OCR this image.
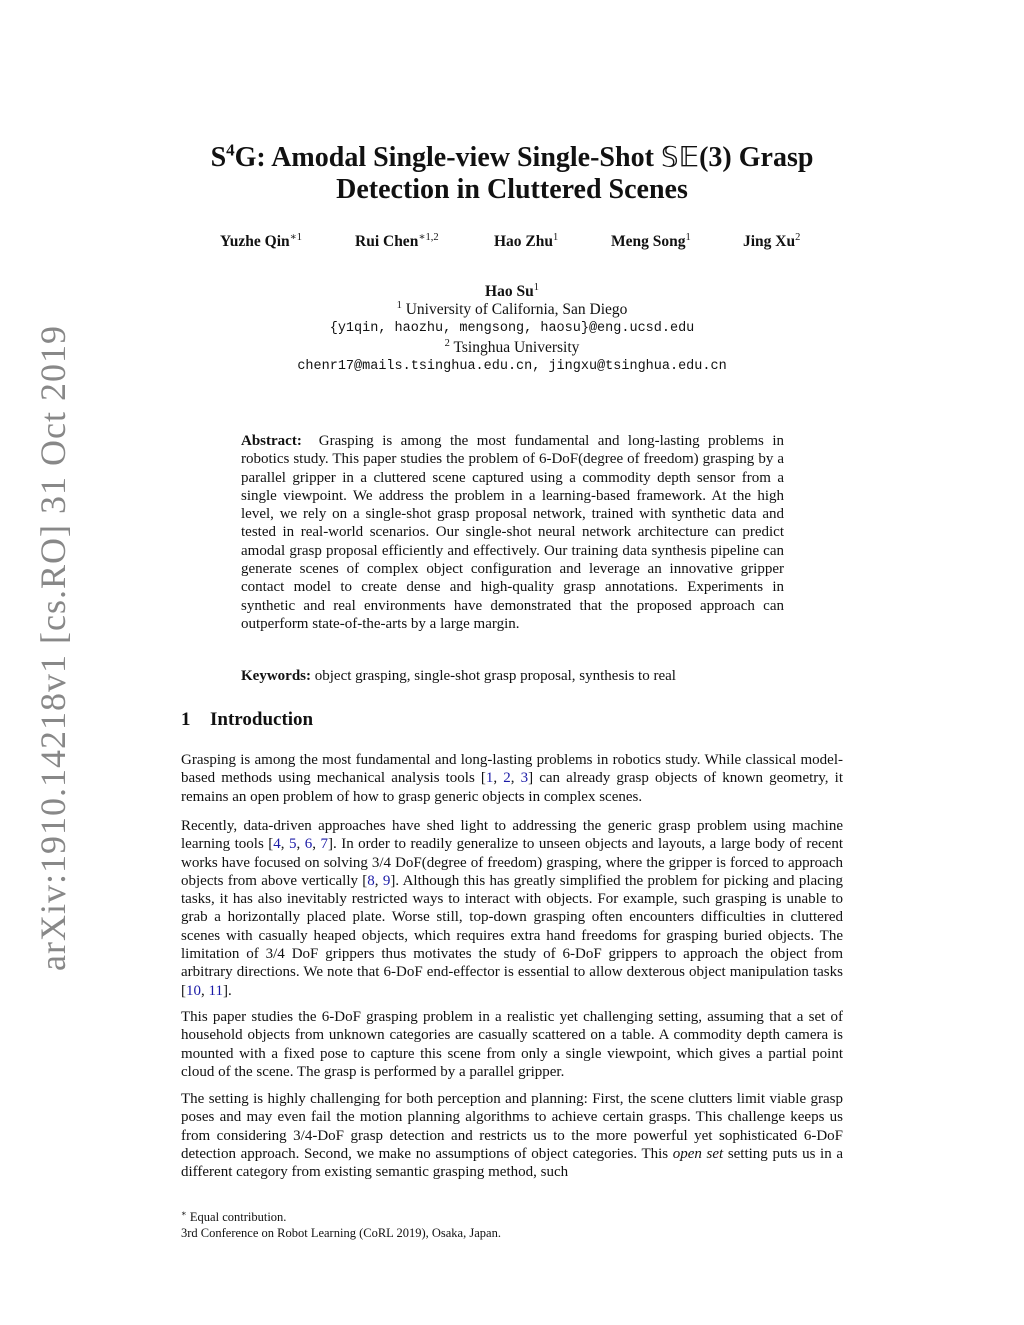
arXiv:1910.14218v1 [cs.RO] 31 Oct 2019
$S^4G$: Amodal Single-view Single-Shot 𝕊𝔼(3) Grasp
Detection in Cluttered Scenes
Yuzhe Qin$^{∗1}$	Rui Chen$^{∗1,2}$	Hao Zhu$^1$	Meng Song$^1$	Jing Xu$^2$
Hao Su$^1$
$^1$ University of California, San Diego
{y1qin, haozhu, mengsong, haosu}@eng.ucsd.edu
$^2$ Tsinghua University
chenr17@mails.tsinghua.edu.cn, jingxu@tsinghua.edu.cn
Abstract: Grasping is among the most fundamental and long-lasting problems in robotics study. This paper studies the problem of 6-DoF(degree of freedom) grasping by a parallel gripper in a cluttered scene captured using a commodity depth sensor from a single viewpoint. We address the problem in a learning-based framework. At the high level, we rely on a single-shot grasp proposal network, trained with synthetic data and tested in real-world scenarios. Our single-shot neural network architecture can predict amodal grasp proposal efficiently and effectively. Our training data synthesis pipeline can generate scenes of complex object configuration and leverage an innovative gripper contact model to create dense and high-quality grasp annotations. Experiments in synthetic and real environments have demonstrated that the proposed approach can outperform state-of-the-arts by a large margin.
Keywords: object grasping, single-shot grasp proposal, synthesis to real
1 Introduction

Grasping is among the most fundamental and long-lasting problems in robotics study. While classical model-based methods using mechanical analysis tools [1, 2, 3] can already grasp objects of known geometry, it remains an open problem of how to grasp generic objects in complex scenes.

Recently, data-driven approaches have shed light to addressing the generic grasp problem using machine learning tools [4, 5, 6, 7]. In order to readily generalize to unseen objects and layouts, a large body of recent works have focused on solving 3/4 DoF(degree of freedom) grasping, where the gripper is forced to approach objects from above vertically [8, 9]. Although this has greatly simplified the problem for picking and placing tasks, it has also inevitably restricted ways to interact with objects. For example, such grasping is unable to grab a horizontally placed plate. Worse still, top-down grasping often encounters difficulties in cluttered scenes with casually heaped objects, which requires extra hand freedoms for grasping buried objects. The limitation of 3/4 DoF grippers thus motivates the study of 6-DoF grippers to approach the object from arbitrary directions. We note that 6-DoF end-effector is essential to allow dexterous object manipulation tasks [10, 11].

This paper studies the 6-DoF grasping problem in a realistic yet challenging setting, assuming that a set of household objects from unknown categories are casually scattered on a table. A commodity depth camera is mounted with a fixed pose to capture this scene from only a single viewpoint, which gives a partial point cloud of the scene. The grasp is performed by a parallel gripper.

The setting is highly challenging for both perception and planning: First, the scene clutters limit viable grasp poses and may even fail the motion planning algorithms to achieve certain grasps. This challenge keeps us from considering 3/4-DoF grasp detection and restricts us to the more powerful yet sophisticated 6-DoF detection approach. Second, we make no assumptions of object categories. This open set setting puts us in a different category from existing semantic grasping method, such

∗ Equal contribution.
3rd Conference on Robot Learning (CoRL 2019), Osaka, Japan.
